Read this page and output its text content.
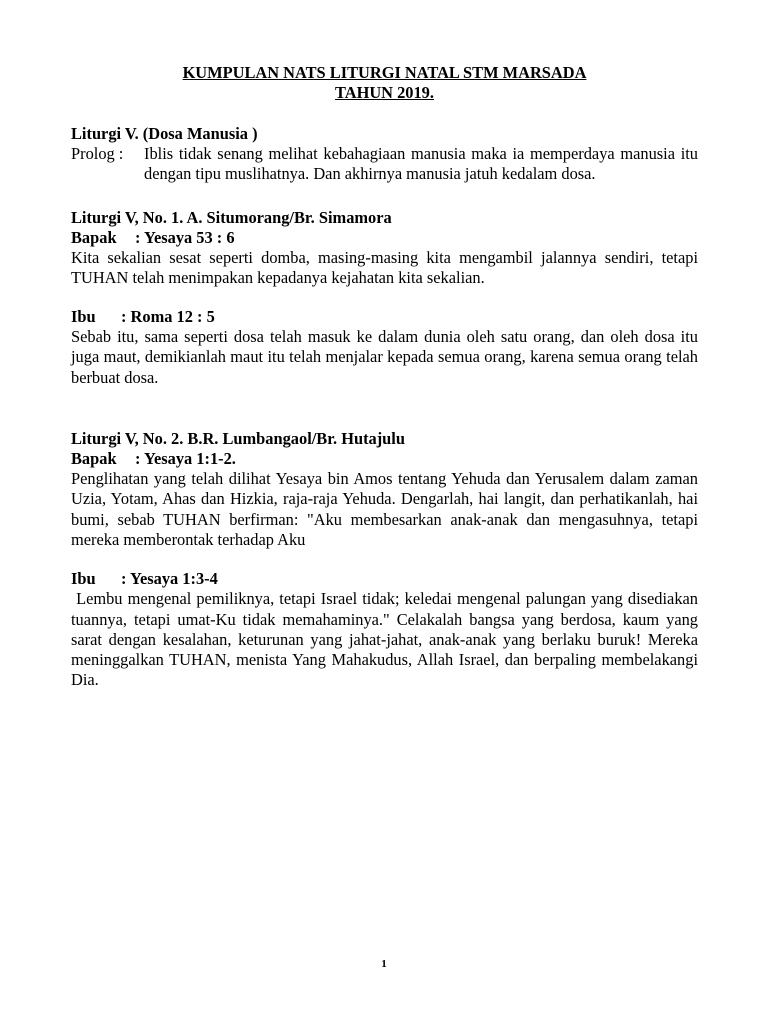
KUMPULAN NATS LITURGI NATAL STM MARSADA
TAHUN 2019.
Liturgi V. (Dosa Manusia )
Prolog :	Iblis tidak senang melihat kebahagiaan manusia maka ia memperdaya manusia itu dengan tipu muslihatnya. Dan akhirnya manusia jatuh kedalam dosa.
Liturgi V, No. 1. A. Situmorang/Br. Simamora
Bapak : Yesaya 53 : 6

Kita sekalian sesat seperti domba, masing-masing kita mengambil jalannya sendiri, tetapi TUHAN telah menimpakan kepadanya kejahatan kita sekalian.

Ibu : Roma 12 : 5

Sebab itu, sama seperti dosa telah masuk ke dalam dunia oleh satu orang, dan oleh dosa itu juga maut, demikianlah maut itu telah menjalar kepada semua orang, karena semua orang telah berbuat dosa.

Liturgi V, No. 2. B.R. Lumbangaol/Br. Hutajulu
Bapak : Yesaya 1:1-2.

Penglihatan yang telah dilihat Yesaya bin Amos tentang Yehuda dan Yerusalem dalam zaman Uzia, Yotam, Ahas dan Hizkia, raja-raja Yehuda. Dengarlah, hai langit, dan perhatikanlah, hai bumi, sebab TUHAN berfirman: "Aku membesarkan anak-anak dan mengasuhnya, tetapi mereka memberontak terhadap Aku

Ibu : Yesaya 1:3-4

Lembu mengenal pemiliknya, tetapi Israel tidak; keledai mengenal palungan yang disediakan tuannya, tetapi umat-Ku tidak memahaminya." Celakalah bangsa yang berdosa, kaum yang sarat dengan kesalahan, keturunan yang jahat-jahat, anak-anak yang berlaku buruk! Mereka meninggalkan TUHAN, menista Yang Mahakudus, Allah Israel, dan berpaling membelakangi Dia.

1
